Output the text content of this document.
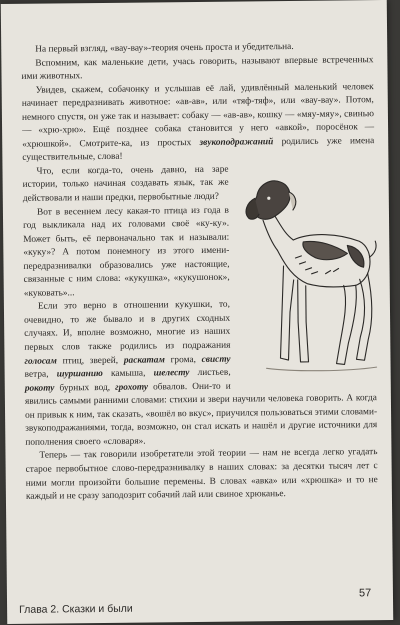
На первый взгляд, «вау-вау»-теория очень проста и убедительна.

Вспомним, как маленькие дети, учась говорить, называют впервые встреченных ими животных.

Увидев, скажем, собачонку и услышав её лай, удивлённый маленький человек начинает передразнивать животное: «ав-ав», или «тяф-тяф», или «вау-вау». Потом, немного спустя, он уже так и называет: собаку — «ав-ав», кошку — «мяу-мяу», свинью — «хрю-хрю». Ещё позднее собака становится у него «авкой», поросёнок — «хрюшкой». Смотрите-ка, из простых звукоподражаний родились уже имена существительные, слова!

Что, если когда-то, очень давно, на заре истории, только начиная создавать язык, так же действовали и наши предки, первобытные люди?

Вот в весеннем лесу какая-то птица из года в год выкликала над их головами своё «ку-ку». Может быть, её первоначально так и называли: «куку»? А потом понемногу из этого имени-передразнивалки образовались уже настоящие, связанные с ним слова: «кукушка», «кукушонок», «куковать»...

Если это верно в отношении кукушки, то, очевидно, то же бывало и в других сходных случаях. И, вполне возможно, многие из наших первых слов также родились из подражания голосам птиц, зверей, раскатам грома, свисту ветра, шуршанию камыша, шелесту листьев, рокоту бурных вод, грохоту обвалов. Они-то и явились самыми ранними словами: стихии и звери научили человека говорить. А когда он привык к ним, так сказать, «вошёл во вкус», приучился пользоваться этими словами-звукоподражаниями, тогда, возможно, он стал искать и нашёл и другие источники для пополнения своего «словаря».

Теперь — так говорили изобретатели этой теории — нам не всегда легко угадать старое первобытное слово-передразнивалку в наших словах: за десятки тысяч лет с ними могли произойти большие перемены. В словах «авка» или «хрюшка» и то не каждый и не сразу заподозрит собачий лай или свиное хрюканье.

57
Глава 2. Сказки и были
